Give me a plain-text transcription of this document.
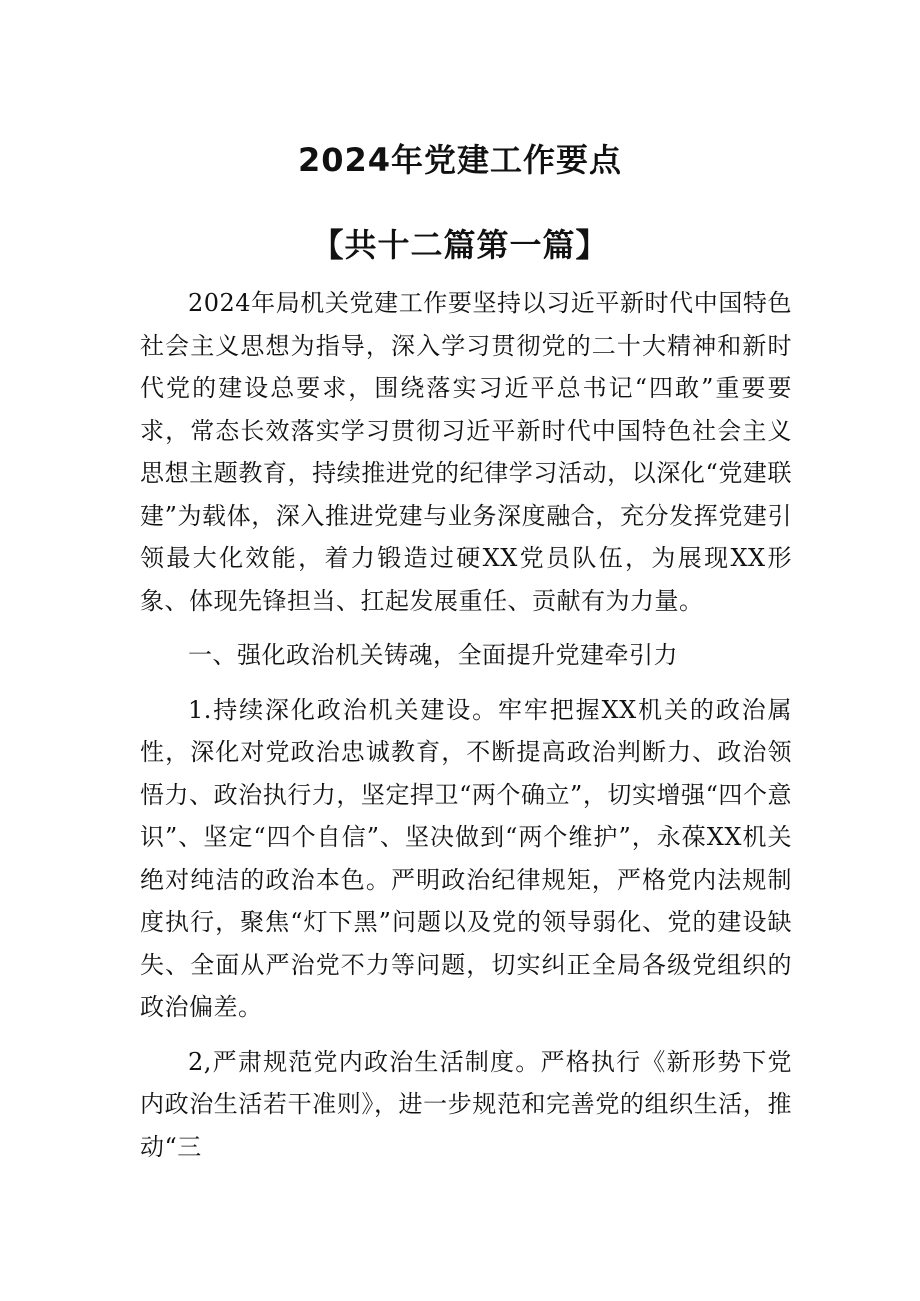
2024年党建工作要点
【共十二篇第一篇】

2024年局机关党建工作要坚持以习近平新时代中国特色社会主义思想为指导，深入学习贯彻党的二十大精神和新时代党的建设总要求，围绕落实习近平总书记“四敢”重要要求，常态长效落实学习贯彻习近平新时代中国特色社会主义思想主题教育，持续推进党的纪律学习活动，以深化“党建联建”为载体，深入推进党建与业务深度融合，充分发挥党建引领最大化效能，着力锻造过硬XX党员队伍，为展现XX形象、体现先锋担当、扛起发展重任、贡献有为力量。

一、强化政治机关铸魂，全面提升党建牵引力

1.持续深化政治机关建设。牢牢把握XX机关的政治属性，深化对党政治忠诚教育，不断提高政治判断力、政治领悟力、政治执行力，坚定捍卫“两个确立”，切实增强“四个意识”、坚定“四个自信”、坚决做到“两个维护”，永葆XX机关绝对纯洁的政治本色。严明政治纪律规矩，严格党内法规制度执行，聚焦“灯下黑”问题以及党的领导弱化、党的建设缺失、全面从严治党不力等问题，切实纠正全局各级党组织的政治偏差。

2,严肃规范党内政治生活制度。严格执行《新形势下党内政治生活若干准则》，进一步规范和完善党的组织生活，推动“三
